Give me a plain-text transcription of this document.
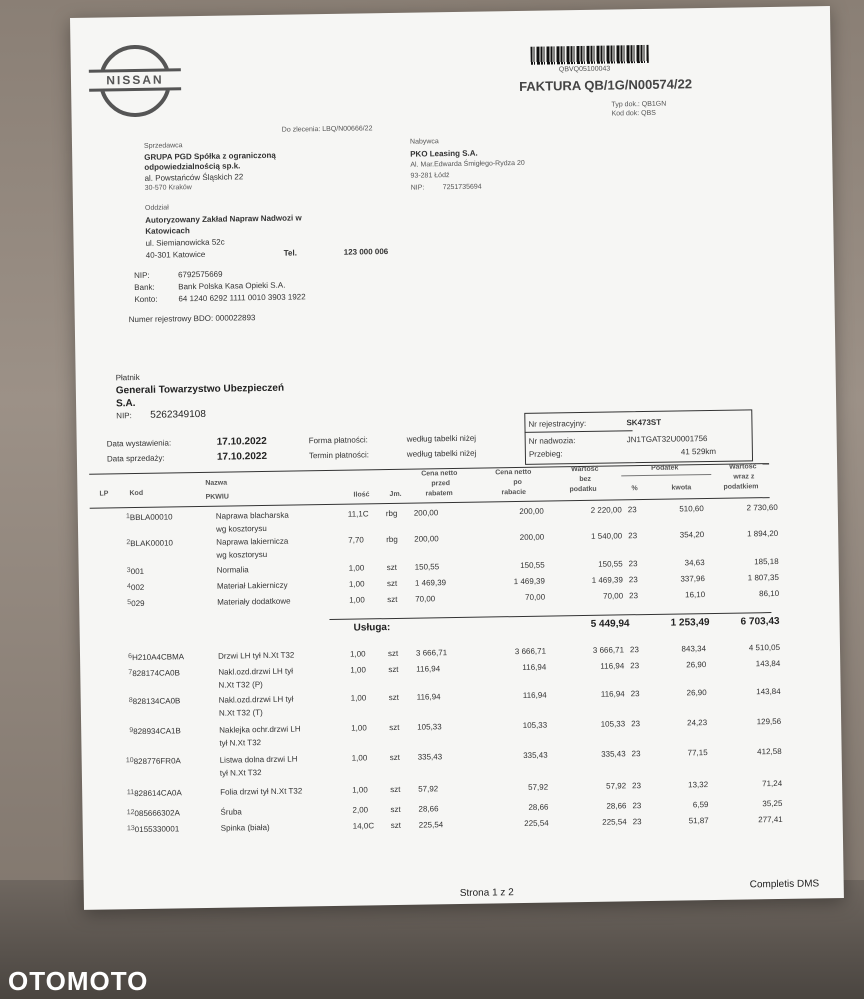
NISSAN
QBVQ05100043
FAKTURA QB/1G/N00574/22
Typ dok.: QB1GN
Kod dok: QBS
Do zlecenia: LBQ/N00666/22
Sprzedawca
GRUPA PGD Spółka z ograniczoną
odpowiedzialnością sp.k.
al. Powstańców Śląskich 22
30-570 Kraków
Nabywca
PKO Leasing S.A.
Al. Mar.Edwarda Śmigłego-Rydza 20
93-281 Łódź
NIP:	7251735694
Oddział
Autoryzowany Zakład Napraw Nadwozi w
Katowicach
ul. Siemianowicka 52c
40-301 Katowice	Tel.	123 000 006
NIP:	6792575669
Bank:	Bank Polska Kasa Opieki S.A.
Konto:	64 1240 6292 1111 0010 3903 1922
Numer rejestrowy BDO: 000022893
Płatnik
Generali Towarzystwo Ubezpieczeń
S.A.
NIP: 5262349108
Nr rejestracyjny:	SK473ST
Nr nadwozia:	JN1TGAT32U0001756
Przebieg:	41 529km
Data wystawienia:	17.10.2022
Data sprzedaży:	17.10.2022
Forma płatności:	według tabelki niżej
Termin płatności:	według tabelki niżej
LP	Kod
Nazwa
PKWIU	Ilość	Jm.
Cena netto
przed
rabatem
Cena netto
po
rabacie
Wartość
bez
podatku
Podatek
%	kwota
Wartość
wraz z
podatkiem
1 BBLA00010	Naprawa blacharska	11,1C	rbg	200,00	200,00	2 220,00 23	510,60	2 730,60
wg kosztorysu
2 BLAK00010	Naprawa lakiernicza	7,70	rbg	200,00	200,00	1 540,00 23	354,20	1 894,20
wg kosztorysu
3 001	Normalia	1,00	szt	150,55	150,55	150,55 23	34,63	185,18
4 002	Materiał Lakierniczy	1,00	szt	1 469,39	1 469,39	1 469,39 23	337,96	1 807,35
5 029	Materiały dodatkowe	1,00	szt	70,00	70,00	70,00 23	16,10	86,10
6 H210A4CBMA	Drzwi LH tył N.Xt T32	1,00	szt	3 666,71	3 666,71	3 666,71 23	843,34	4 510,05
7 828174CA0B	Nakl.ozd.drzwi LH tył	1,00	szt	116,94	116,94	116,94 23	26,90	143,84
N.Xt T32 (P)
8 828134CA0B	Nakl.ozd.drzwi LH tył	1,00	szt	116,94	116,94	116,94 23	26,90	143,84
N.Xt T32 (T)
9 828934CA1B	Naklejka ochr.drzwi LH	1,00	szt	105,33	105,33	105,33 23	24,23	129,56
tył N.Xt T32
10 828776FR0A	Listwa dolna drzwi LH	1,00	szt	335,43	335,43	335,43 23	77,15	412,58
tył N.Xt T32
11 828614CA0A	Folia drzwi tył N.Xt T32	1,00	szt	57,92	57,92	57,92 23	13,32	71,24
12 085666302A	Śruba	2,00	szt	28,66	28,66	28,66 23	6,59	35,25
13 0155330001	Spinka (biała)	14,0C	szt	225,54	225,54	225,54 23	51,87	277,41
Usługa:	5 449,94	1 253,49	6 703,43
Strona 1 z 2
Completis DMS
OTOMOTO
